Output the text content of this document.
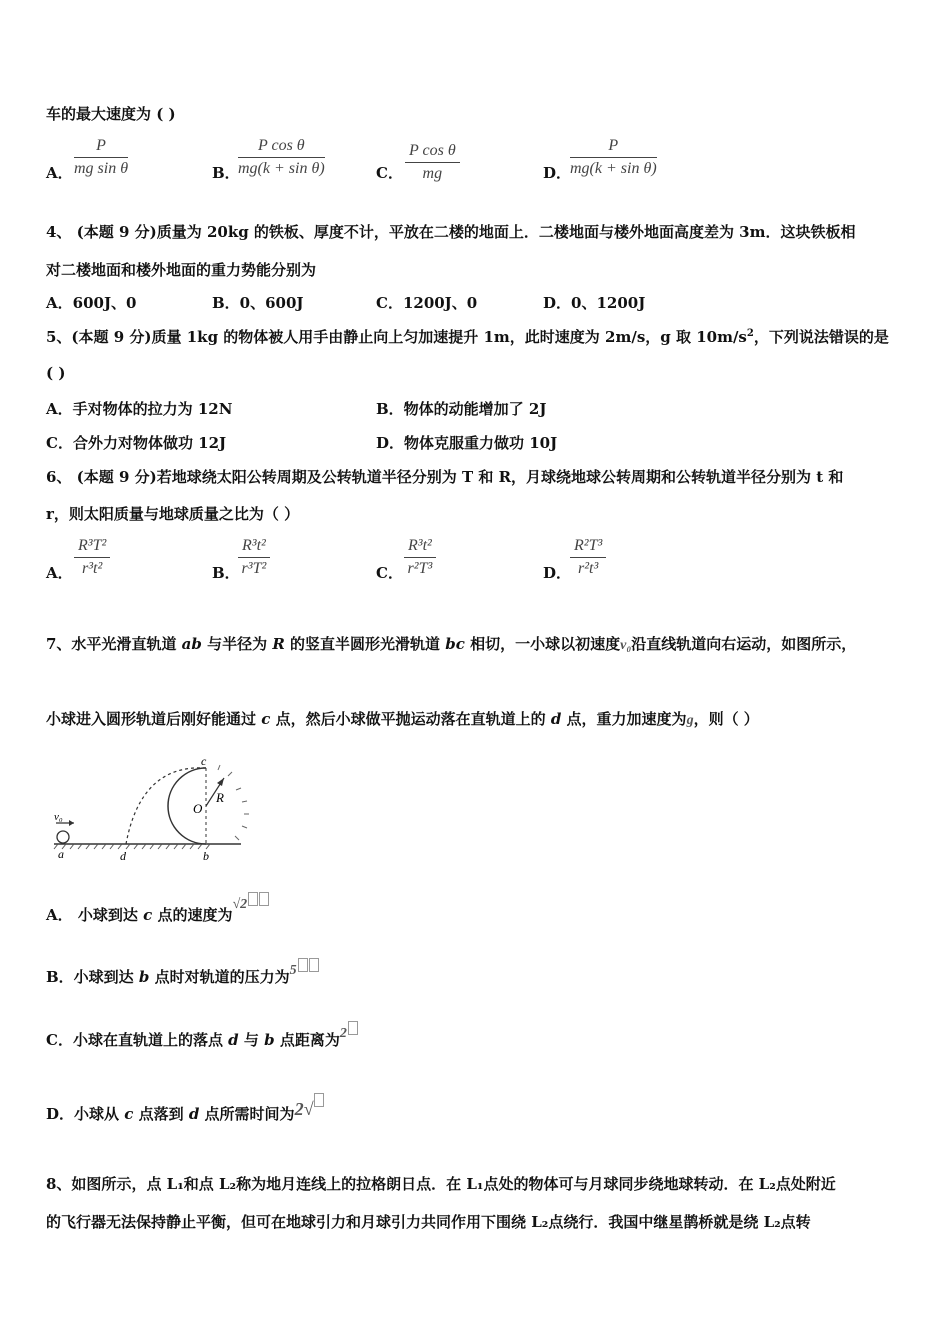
车的最大速度为 ( )
A． $\frac{P}{\text{mg sin θ}}$	B．
$\frac{\text{P cos θ}}{\text{mg(k + sin θ)}}$	C． $\frac{\text{P cos θ}}{mg}$	D．
$\frac{P}{\text{mg(k + sin θ)}}$
4、 (本题 9 分)质量为 20kg 的铁板、厚度不计，平放在二楼的地面上．二楼地面与楼外地面高度差为 3m．这块铁板相
对二楼地面和楼外地面的重力势能分别为
A．600J、0	B．0、600J	C．1200J、0	D．0、1200J
5、(本题 9 分)质量 1kg 的物体被人用手由静止向上匀加速提升 1m，此时速度为 2m/s，g 取 $10m/s^2$，下列说法错误的是
( )
A．手对物体的拉力为 12N	B．物体的动能增加了 2J
C．合外力对物体做功 12J	D．物体克服重力做功 10J
6、 (本题 9 分)若地球绕太阳公转周期及公转轨道半径分别为 T 和 R，月球绕地球公转周期和公转轨道半径分别为 t 和
r，则太阳质量与地球质量之比为（ ）
A． $\frac{\text{R³T²}}{\text{r³t²}}$	B．
$\frac{\text{R³t²}}{\text{r³T²}}$	C． $\frac{\text{R³t²}}{\text{r²T³}}$	D．
$\frac{\text{R²T³}}{\text{r²t³}}$
7、水平光滑直轨道 ab 与半径为 R 的竖直半圆形光滑轨道 bc 相切，一小球以初速度v₀沿直线轨道向右运动，如图所示，
小球进入圆形轨道后刚好能通过 c 点，然后小球做平抛运动落在直轨道上的 d 点，重力加速度为g，则（ ）
v₀
c
O
R
a	d	b
A． 小球到达 c 点的速度为√2
B．小球到达 b 点时对轨道的压力为5
C．小球在直轨道上的落点 d 与 b 点距离为2
D．小球从 c 点落到 d 点所需时间为2√
8、如图所示，点 L₁和点 L₂称为地月连线上的拉格朗日点．在 L₁点处的物体可与月球同步绕地球转动．在 L₂点处附近
的飞行器无法保持静止平衡，但可在地球引力和月球引力共同作用下围绕 L₂点绕行．我国中继星鹊桥就是绕 L₂点转
